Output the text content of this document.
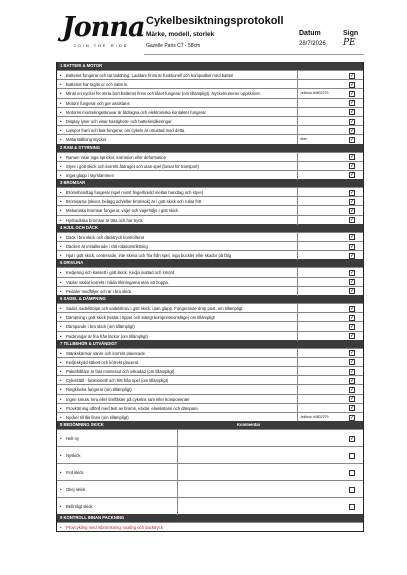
Jonna
JOIN THE RIDE
Cykelbesiktningsprotokoll
Märke, modell, storlek
Gazelle Paris C7 - 58cm
Datum
28/7/2026
Sign
PE
1 BATTERI & MOTOR
• Batteriet fungerar och tar laddning. Laddare finns är funktionell och kompatibel med batteri	✓
• Batteriet har tagits ur och satts in.	✓
• Minst en nyckel för att ta bort batteriet finns och låset fungerar (om tillämpligt). Nyckelnummer uppskrivet.	Jet/lock #4602279	✓
• Motorn fungerar och ger assistans	✓
• Motorns monteringsskruvar är åtdragna och elektroniska kontakter fungerar	✓
• Display lyser och visar hastighets- och batteriindikeringar	✓
• Lampor fram och bak fungerar, om cykeln är utrustad med detta.	✓
• Mätarställning stycket	dkm	✓
2 RAM & STYRNING
• Ramen visar inga sprickor, korrosion eller deformation	✓
• Styre i gott skick och korrekt åtdraget och utan spel (besat för transport)	✓
• Inget glapp i styrstammen	✓
3 BROMSAR
• Bromshandtag fungerar (spel minst fingerbredd mellan handtag och styre)	✓
• Bromsarna (skivor, belägg och/eller bromsok) är i gott skick och rullar fritt	✓
• Mekaniska bromsar fungerar, vajer och vajerhölje i gott skick	✓
• Hydrauliska bromsar är täta och har tryck	✓
4 HJUL OCH DÄCK
• Däck i bra skick och däcktryck kontrollerat	✓
• Däcken är installerade i rätt rotationsriktning	✓
• Hjul i gott skick, centrerade, inte skeva och fria från spel, inga buckler eller skador på fälg	✓
5 DRIVLINA
• Kedjering och kassett i gott skick. Kedja inattad och smord	✓
• Växlar växlar korrekt i båda riktningarna utan att hoppa.	✓
• Pedaler medföljer och är i bra skick	✓
6 SADEL & DÄMPNING
• Sadel, sadelstolpe och sadelskruv i gott skick, utan glapp. Fungerande drop post, om tillämpligt.	✓
• Dämpning i gott skick (testat i öppet och stängt kompressionsläge) om tillämpligt	✓
• Dämpande i bra skick (om tillämpligt)	✓
• Packningar är fria från läckor (om tillämpligt)	✓
7 TILLBEHÖR & UTVÄNDIGT
• Stänkskärmar sänre och korrekt placerade	✓
• Kedjeskydd säkert och korrekt placerat	✓
• Pakethållare är fast monterad och oskadad (om tillämpligt)	✓
• Cykelställ - funktionellt och fritt från spel (om tillämpligt)	✓
• Ringklocka fungerar (om tillämpligt)	✓
• Ingen smuts, lera eller tim/fäster på cykelns ram eller komponenter	✓
• Provkörning utförd med test av broms, växlar, elassistans och dämpare.	✓
• Nyckel till lås finns (om tillämpligt)	Jet/lock #4602279	✓
8 BEDÖMNING SKICK	Kommentar
• Helt ny	✓
• Nyskick
• Fint skick
• Okej skick
• Befintligt skick
9 KONTROLL INNAN PACKNING
• Provcykling med inbromsning, vaxling och dacktryck
